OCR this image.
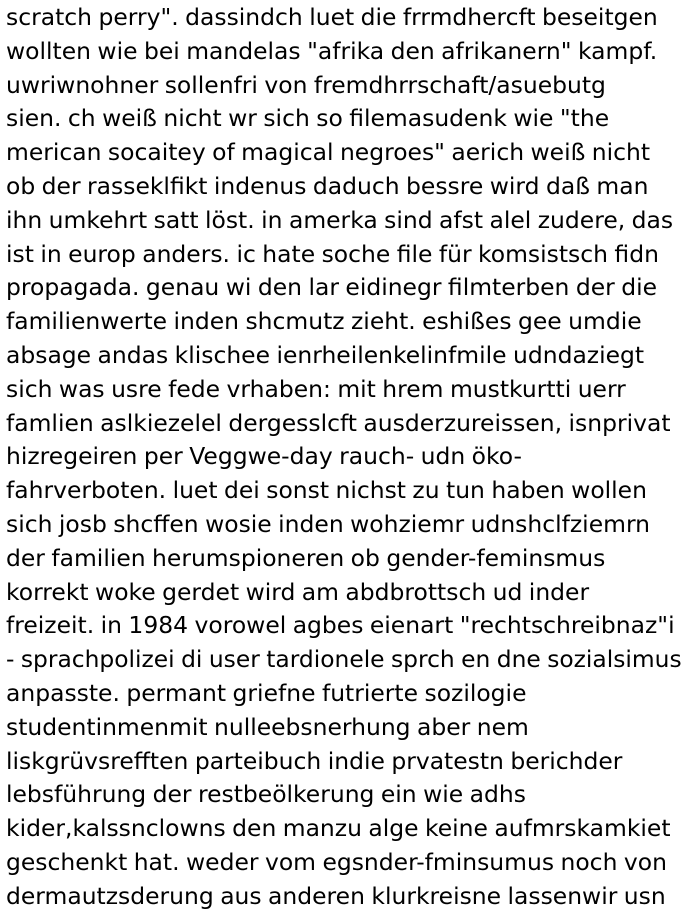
scratch perry". dassindch luet die frrmdhercft beseitgen
wollten wie bei mandelas "afrika den afrikanern" kampf.
uwriwnohner sollenfri von fremdhrrschaft/asuebutg
sien. ch weiß nicht wr sich so filemasudenk wie "the
merican socaitey of magical negroes" aerich weiß nicht
ob der rasseklfikt indenus daduch bessre wird daß man
ihn umkehrt satt löst. in amerka sind afst alel zudere, das
ist in europ anders. ic hate soche file für komsistsch fidn
propagada. genau wi den lar eidinegr filmterben der die
familienwerte inden shcmutz zieht. eshißes gee umdie
absage andas klischee ienrheilenkelinfmile udndaziegt
sich was usre fede vrhaben: mit hrem mustkurtti uerr
famlien aslkiezelel dergesslcft ausderzureissen, isnprivat
hizregeiren per Veggwe-day rauch- udn öko-
fahrverboten. luet dei sonst nichst zu tun haben wollen
sich josb shcffen wosie inden wohziemr udnshclfziemrn
der familien herumspioneren ob gender-feminsmus
korrekt woke gerdet wird am abdbrottsch ud inder
freizeit. in 1984 vorowel agbes eienart "rechtschreibnaz"i
- sprachpolizei di user tardionele sprch en dne sozialsimus
anpasste. permant griefne futrierte sozilogie
studentinmenmit nulleebsnerhung aber nem
liskgrüvsrefften parteibuch indie prvatestn berichder
lebsführung der restbeölkerung ein wie adhs
kider,kalssnclowns den manzu alge keine aufmrskamkiet
geschenkt hat. weder vom egsnder-fminsumus noch von
dermautzsderung aus anderen klurkreisne lassenwir usn
